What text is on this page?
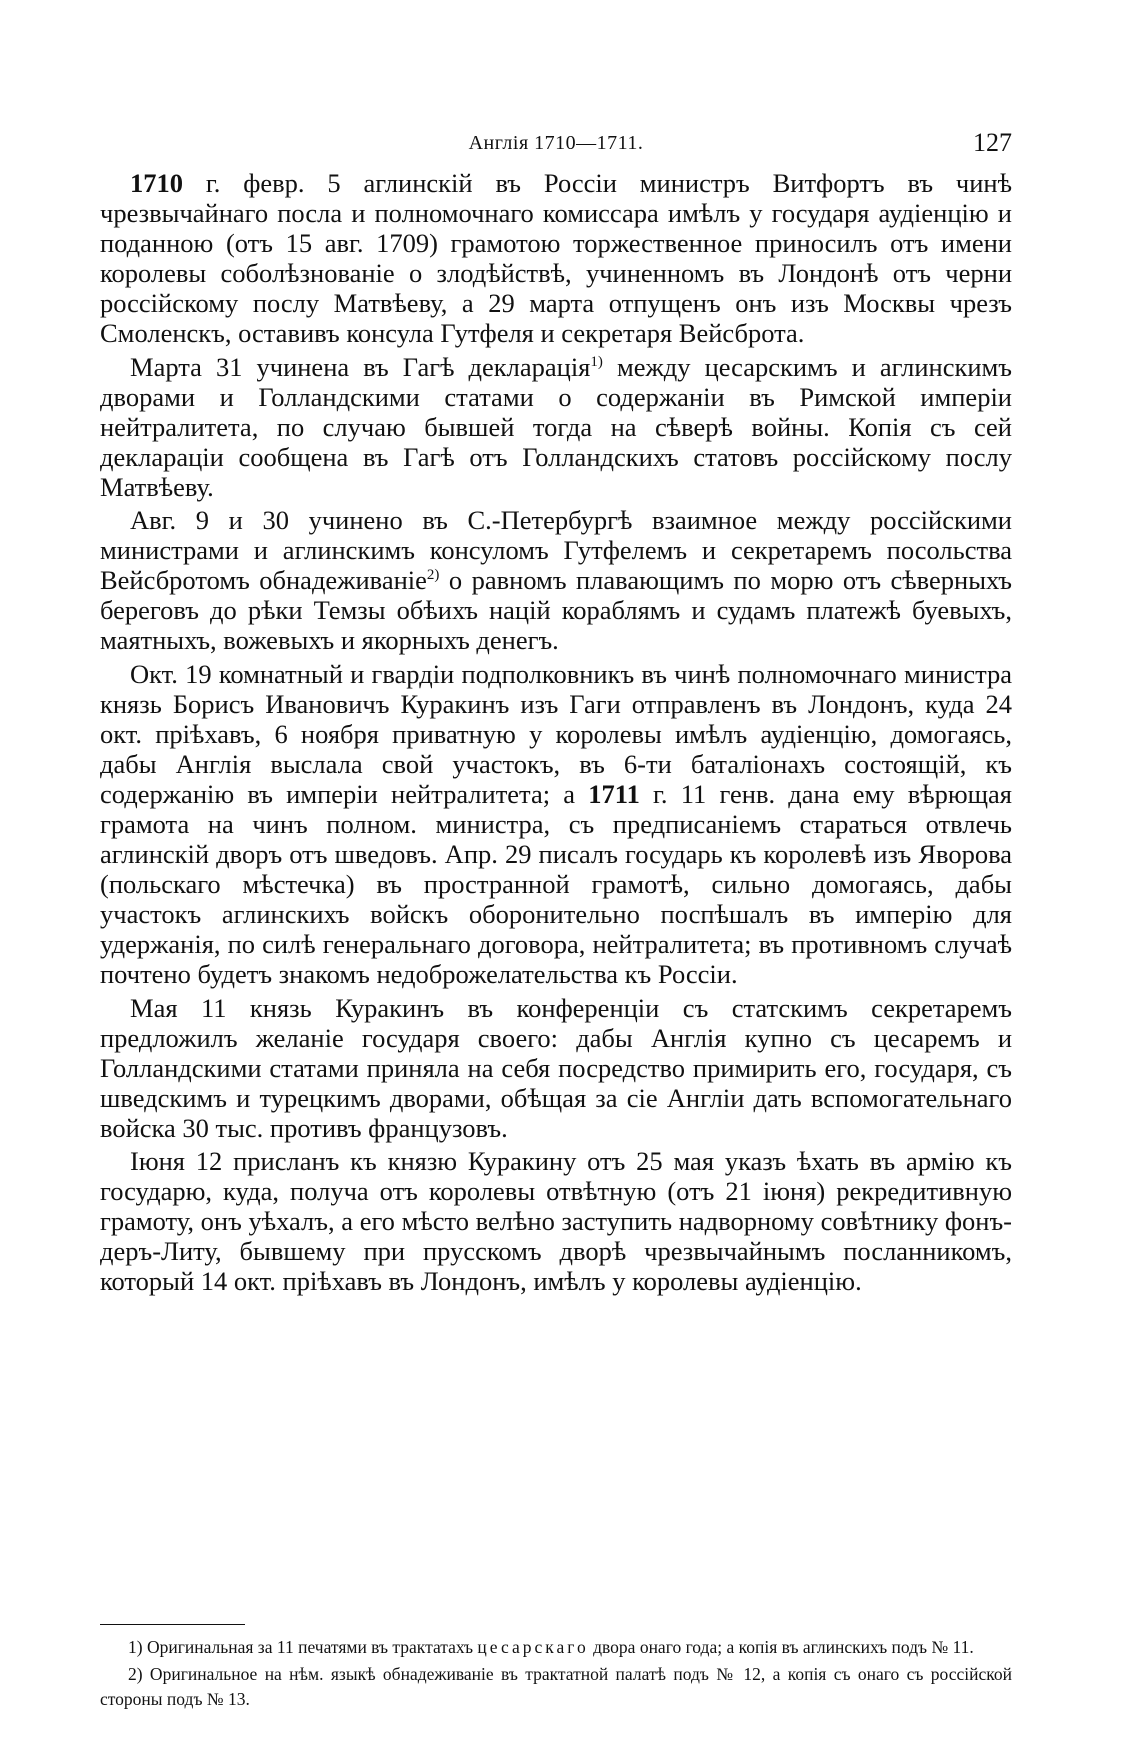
Англія 1710—1711.	127

1710 г. февр. 5 аглинскій въ Россіи министръ Витфортъ въ чинѣ чрезвычайнаго посла и полномочнаго комиссара имѣлъ у государя аудіенцію и поданною (отъ 15 авг. 1709) грамотою торжественное приносилъ отъ имени королевы соболѣзнованіе о злодѣйствѣ, учиненномъ въ Лондонѣ отъ черни россійскому послу Матвѣеву, а 29 марта отпущенъ онъ изъ Москвы чрезъ Смоленскъ, оставивъ консула Гутфеля и секретаря Вейсброта.

Марта 31 учинена въ Гагѣ декларація$^{1)}$ между цесарскимъ и аглинскимъ дворами и Голландскими статами о содержаніи въ Римской имперіи нейтралитета, по случаю бывшей тогда на сѣверѣ войны. Копія съ сей деклараціи сообщена въ Гагѣ отъ Голландскихъ статовъ россійскому послу Матвѣеву.

Авг. 9 и 30 учинено въ С.-Петербургѣ взаимное между россійскими министрами и аглинскимъ консуломъ Гутфелемъ и секретаремъ посольства Вейсбротомъ обнадеживаніе$^{2)}$ о равномъ плавающимъ по морю отъ сѣверныхъ береговъ до рѣки Темзы обѣихъ націй кораблямъ и судамъ платежѣ буевыхъ, маятныхъ, вожевыхъ и якорныхъ денегъ.

Окт. 19 комнатный и гвардіи подполковникъ въ чинѣ полномочнаго министра князь Борисъ Ивановичъ Куракинъ изъ Гаги отправленъ въ Лондонъ, куда 24 окт. пріѣхавъ, 6 ноября приватную у королевы имѣлъ аудіенцію, домогаясь, дабы Англія выслала свой участокъ, въ 6-ти баталіонахъ состоящій, къ содержанію въ имперіи нейтралитета; а 1711 г. 11 генв. дана ему вѣрющая грамота на чинъ полном. министра, съ предписаніемъ стараться отвлечь аглинскій дворъ отъ шведовъ. Апр. 29 писалъ государь къ королевѣ изъ Яворова (польскаго мѣстечка) въ пространной грамотѣ, сильно домогаясь, дабы участокъ аглинскихъ войскъ оборонительно поспѣшалъ въ имперію для удержанія, по силѣ генеральнаго договора, нейтралитета; въ противномъ случаѣ почтено будетъ знакомъ недоброжелательства къ Россіи.

Мая 11 князь Куракинъ въ конференціи съ статскимъ секретаремъ предложилъ желаніе государя своего: дабы Англія купно съ цесаремъ и Голландскими статами приняла на себя посредство примирить его, государя, съ шведскимъ и турецкимъ дворами, обѣщая за сіе Англіи дать вспомогательнаго войска 30 тыс. противъ французовъ.

Іюня 12 присланъ къ князю Куракину отъ 25 мая указъ ѣхать въ армію къ государю, куда, получа отъ королевы отвѣтную (отъ 21 іюня) рекредитивную грамоту, онъ уѣхалъ, а его мѣсто велѣно заступить надворному совѣтнику фонъ-деръ-Литу, бывшему при прусскомъ дворѣ чрезвычайнымъ посланникомъ, который 14 окт. пріѣхавъ въ Лондонъ, имѣлъ у королевы аудіенцію.

1) Оригинальная за 11 печатями въ трактатахъ цесарскаго двора онаго года; а копія въ аглинскихъ подъ № 11.

2) Оригинальное на нѣм. языкѣ обнадеживаніе въ трактатной палатѣ подъ № 12, а копія съ онаго съ россійской стороны подъ № 13.
